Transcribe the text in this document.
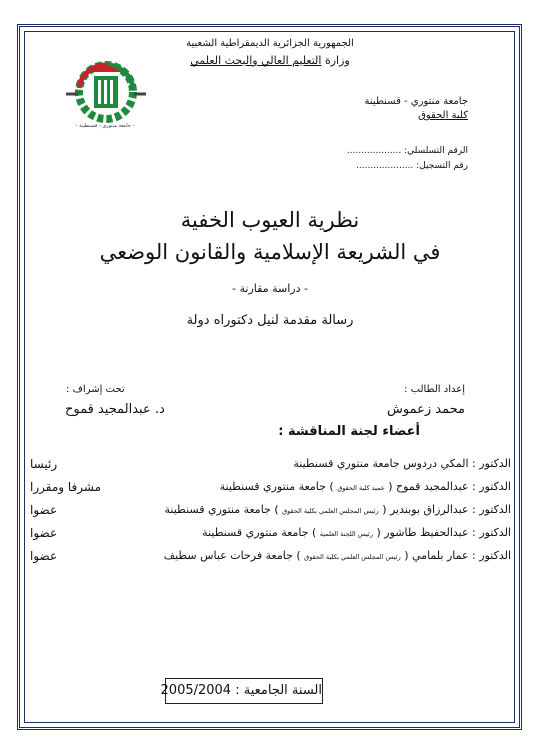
الجمهورية الجزائرية الديمقراطية الشعبية
وزارة التعليم العالي والبحث العلمي
- جامعة منتوري - قسنطينة -
جامعة منتوري - قسنطينة
كلية الحقوق
الرقم التسلسلي: ...................
رقم التسجيل: ....................
نظرية العيوب الخفية
في الشريعة الإسلامية والقانون الوضعي
- دراسة مقارنة -
رسالة مقدمة لنيل دكتوراه دولة
إعداد الطالب :
تحت إشراف :
محمد زعموش
د. عبدالمجيد قموح
أعضاء لجنة المناقشة :
الدكتور : المكي دردوس جامعة منتوري قسنطينة
رئيسا
الدكتور : عبدالمجيد قموح ( عميد كلية الحقوق ) جامعة منتوري قسنطينة
مشرفا ومقررا
الدكتور : عبدالرزاق بوبندير ( رئيس المجلس العلمي بكلية الحقوق ) جامعة منتوري قسنطينة
عضوا
الدكتور : عبدالحفيظ طاشور ( رئيس اللجنة العلمية ) جامعة منتوري قسنطينة
عضوا
الدكتور : عمار بلمامي ( رئيس المجلس العلمي بكلية الحقوق ) جامعة فرحات عباس سطيف
عضوا
السنة الجامعية : 2005/2004
